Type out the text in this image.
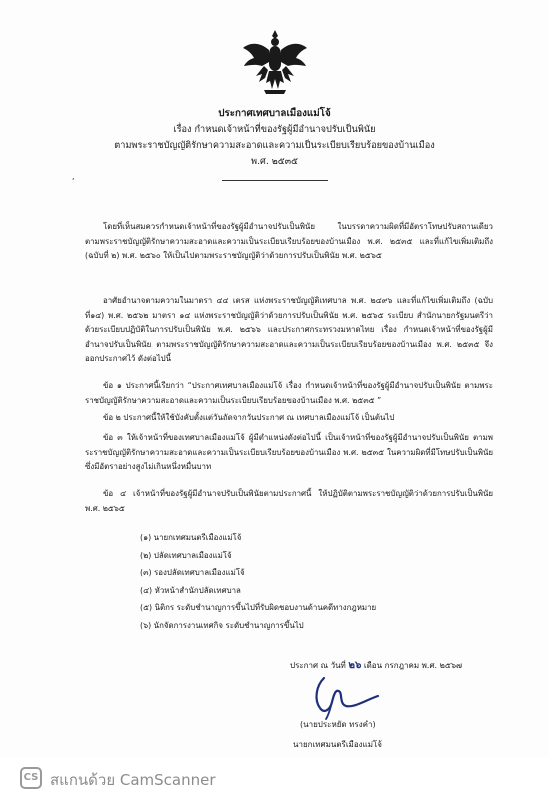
ประกาศเทศบาลเมืองแม่โจ้
เรื่อง กำหนดเจ้าหน้าที่ของรัฐผู้มีอำนาจปรับเป็นพินัย
ตามพระราชบัญญัติรักษาความสะอาดและความเป็นระเบียบเรียบร้อยของบ้านเมือง
พ.ศ. ๒๕๓๕
,
โดยที่เห็นสมควรกำหนดเจ้าหน้าที่ของรัฐผู้มีอำนาจปรับเป็นพินัย ในบรรดาความผิดที่มีอัตราโทษปรับสถานเดียว ตามพระราชบัญญัติรักษาความสะอาดและความเป็นระเบียบเรียบร้อยของบ้านเมือง พ.ศ. ๒๕๓๕ และที่แก้ไขเพิ่มเติมถึง (ฉบับที่ ๒) พ.ศ. ๒๕๖๐ ให้เป็นไปตามพระราชบัญญัติว่าด้วยการปรับเป็นพินัย พ.ศ. ๒๕๖๕
อาศัยอำนาจตามความในมาตรา ๔๔ เตรส แห่งพระราชบัญญัติเทศบาล พ.ศ. ๒๔๙๖ และที่แก้ไขเพิ่มเติมถึง (ฉบับที่๑๔) พ.ศ. ๒๕๖๒ มาตรา ๑๔ แห่งพระราชบัญญัติว่าด้วยการปรับเป็นพินัย พ.ศ. ๒๕๖๕ ระเบียบ สำนักนายกรัฐมนตรีว่าด้วยระเบียบปฏิบัติในการปรับเป็นพินัย พ.ศ. ๒๕๖๖ และประกาศกระทรวงมหาดไทย เรื่อง กำหนดเจ้าหน้าที่ของรัฐผู้มีอำนาจปรับเป็นพินัย ตามพระราชบัญญัติรักษาความสะอาดและความเป็นระเบียบเรียบร้อยของบ้านเมือง พ.ศ. ๒๕๓๕ จึงออกประกาศไว้ ดังต่อไปนี้
ข้อ ๑ ประกาศนี้เรียกว่า “ประกาศเทศบาลเมืองแม่โจ้ เรื่อง กำหนดเจ้าหน้าที่ของรัฐผู้มีอำนาจปรับเป็นพินัย ตามพระราชบัญญัติรักษาความสะอาดและความเป็นระเบียบเรียบร้อยของบ้านเมือง พ.ศ. ๒๕๓๕ ”
ข้อ ๒ ประกาศนี้ให้ใช้บังคับตั้งแต่วันถัดจากวันประกาศ ณ เทศบาลเมืองแม่โจ้ เป็นต้นไป
ข้อ ๓ ให้เจ้าหน้าที่ของเทศบาลเมืองแม่โจ้ ผู้มีตำแหน่งดังต่อไปนี้ เป็นเจ้าหน้าที่ของรัฐผู้มีอำนาจปรับเป็นพินัย ตามพระราชบัญญัติรักษาความสะอาดและความเป็นระเบียบเรียบร้อยของบ้านเมือง พ.ศ. ๒๕๓๕ ในความผิดที่มีโทษปรับเป็นพินัยซึ่งมีอัตราอย่างสูงไม่เกินหนึ่งหมื่นบาท
ข้อ ๔ เจ้าหน้าที่ของรัฐผู้มีอำนาจปรับเป็นพินัยตามประกาศนี้ ให้ปฏิบัติตามพระราชบัญญัติว่าด้วยการปรับเป็นพินัย พ.ศ. ๒๕๖๕
(๑) นายกเทศมนตรีเมืองแม่โจ้
(๒) ปลัดเทศบาลเมืองแม่โจ้
(๓) รองปลัดเทศบาลเมืองแม่โจ้
(๔) หัวหน้าสำนักปลัดเทศบาล
(๕) นิติกร ระดับชำนาญการขึ้นไปที่รับผิดชอบงานด้านคดีทางกฎหมาย
(๖) นักจัดการงานเทศกิจ ระดับชำนาญการขึ้นไป
ประกาศ ณ วันที่ ๒๖ เดือน กรกฎาคม พ.ศ. ๒๕๖๗
(นายประหยัด ทรงคำ)
นายกเทศมนตรีเมืองแม่โจ้
CS สแกนด้วย CamScanner
